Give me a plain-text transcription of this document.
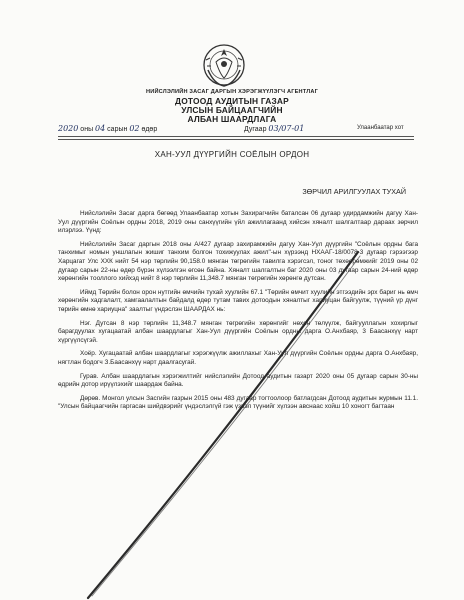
НИЙСЛЭЛИЙН ЗАСАГ ДАРГЫН ХЭРЭГЖҮҮЛЭГЧ АГЕНТЛАГ
ДОТООД АУДИТЫН ГАЗАР
УЛСЫН БАЙЦААГЧИЙН
АЛБАН ШААРДЛАГА
2020 оны 04 сарын 02 өдөр	Дугаар 03/07-01	Улаанбаатар хот
ХАН-УУЛ ДҮҮРГИЙН СОЁЛЫН ОРДОН
ЗӨРЧИЛ АРИЛГУУЛАХ ТУХАЙ

Нийслэлийн Засаг дарга бөгөөд Улаанбаатар хотын Захирагчийн баталсан 06 дугаар удирдамжийн дагуу Хан-Уул дүүргийн Соёлын ордны 2018, 2019 оны санхүүгийн үйл ажиллагаанд хийсэн хяналт шалгалтаар дараах зөрчил илэрлээ. Үүнд:

Нийслэлийн Засаг даргын 2018 оны А/427 дугаар захирамжийн дагуу Хан-Уул дүүргийн "Соёлын ордны бага танхимыг номын уншлагын жишиг танхим болгон тохижуулах ажил"-ын хүрээнд НХААГ-18/0078-3 дугаар гэрээгээр Харцагат Улс ХХК нийт 54 нэр төрлийн 90,158.0 мянган төгрөгийн тавилга хэрэгсэл, тоног төхөөрөмжийг 2019 оны 02 дугаар сарын 22-ны өдөр бүрэн хүлээлгэн өгсөн байна. Хяналт шалгалтын баг 2020 оны 03 дугаар сарын 24-ний өдөр хөрөнгийн тооллого хийхэд нийт 8 нэр төрлийн 11,348.7 мянган төгрөгийн хөрөнгө дутсан.

Иймд Төрийн болон орон нутгийн өмчийн тухай хуулийн 67.1 "Төрийн өмчит хуулийн этгээдийн эрх бариг нь өмч хөрөнгийн хадгалалт, хамгаалалтын байдалд өдөр тутам тавих дотоодын хяналтыг хариуцан байгуулж, түүний үр дүнг төрийн өмнө хариуцна" заалтыг үндэслэн ШААРДАХ нь:

Нэг. Дутсан 8 нэр төрлийн 11,348.7 мянган төгрөгийн хөрөнгийг нөхөн төлүүлж, байгууллагын хохирлыг барагдуулах хугацаатай албан шаардлагыг Хан-Уул дүүргийн Соёлын ордны дарга О.Анхбаяр, 3 Баасанхүү нарт хүргүүлсүгэй.

Хоёр. Хугацаатай албан шаардлагыг хэрэгжүүлж ажиллахыг Хан-Уул дүүргийн Соёлын ордны дарга О.Анхбаяр, нягтлан бодогч З.Баасанхүү нарт даалгасугай.

Гурав. Албан шаардлагын хэрэгжилтийг нийслэлийн Дотоод аудитын газарт 2020 оны 05 дугаар сарын 30-ны өдрийн дотор ирүүлэхийг шаардаж байна.

Дөрөв. Монгол улсын Засгийн газрын 2015 оны 483 дугаар тогтоолоор батлагдсан Дотоод аудитын журмын 11.1. "Улсын байцаагчийн гаргасан шийдвэрийг үндэслэлгүй гэж үзвэл түүнийг хүлээн авснаас хойш 10 хоногт багтаан
